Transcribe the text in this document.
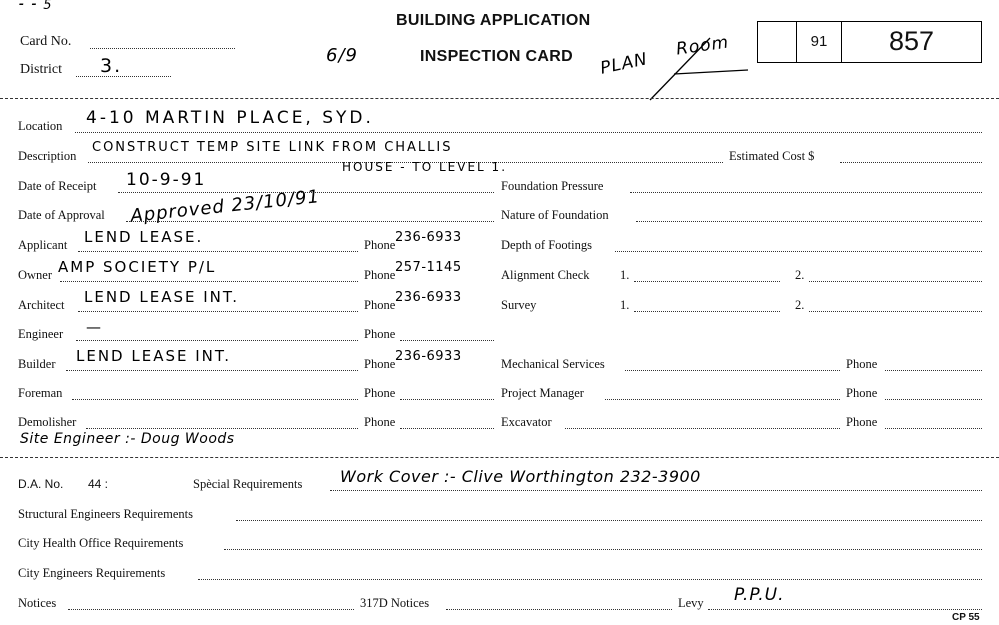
⁃ ⁃ 5
Card No.
District 3.	6/9
BUILDING APPLICATION
INSPECTION CARD PLAN
Room	91	857
Location 4-10 MARTIN PLACE, SYD.
Description
CONSTRUCT TEMP SITE LINK FROM CHALLIS
HOUSE - TO LEVEL 1.
Estimated Cost $
Date of Receipt 10-9-91	Foundation Pressure
Date of Approval Approved 23/10/91	Nature of Foundation
Applicant LEND LEASE.	Phone 236-6933	Depth of Footings
Owner AMP SOCIETY P/L	Phone 257-1145	Alignment Check 1.	2.
Architect LEND LEASE INT.	Phone 236-6933	Survey	1.	2.
Engineer —	Phone
Builder LEND LEASE INT.	Phone 236-6933	Mechanical Services	Phone
Foreman	Phone	Project Manager	Phone
Demolisher	Phone	Excavator	Phone
Site Engineer :- Doug Woods
D.A. No. 44 :	Spècial Requirements Work Cover :- Clive Worthington 232-3900
Structural Engineers Requirements
City Health Office Requirements
City Engineers Requirements
Notices	317D Notices	Levy P.P.U.
CP 55
